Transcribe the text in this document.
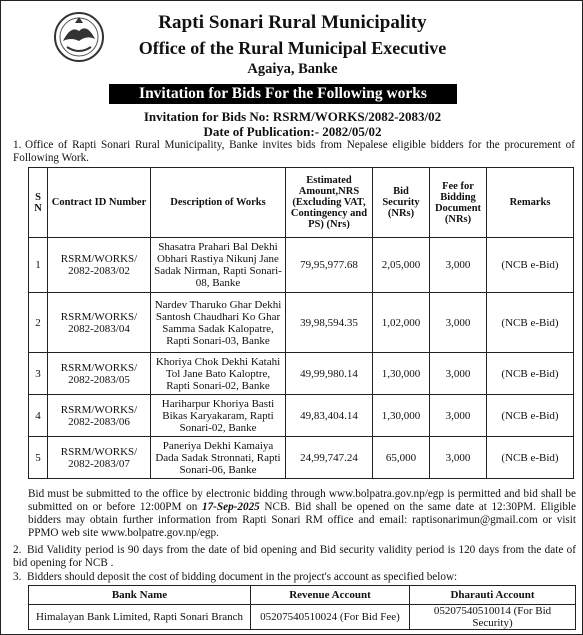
Rapti Sonari Rural Municipality
Office of the Rural Municipal Executive
Agaiya, Banke
Invitation for Bids For the Following works
Invitation for Bids No: RSRM/WORKS/2082-2083/02
Date of Publication:- 2082/05/02
1. Office of Rapti Sonari Rural Municipality, Banke invites bids from Nepalese eligible bidders for the procurement of Following Work.
S N	Contract ID Number	Description of Works	Estimated Amount,NRS (Excluding VAT, Contingency and PS) (Nrs)	Bid Security (NRs)	Fee for Bidding Document (NRs)	Remarks
1	RSRM/WORKS/ 2082-2083/02	Shasatra Prahari Bal Dekhi Obhari Rastiya Nikunj Jane Sadak Nirman, Rapti Sonari-08, Banke	79,95,977.68	2,05,000	3,000	(NCB e-Bid)
2	RSRM/WORKS/ 2082-2083/04	Nardev Tharuko Ghar Dekhi Santosh Chaudhari Ko Ghar Samma Sadak Kalopatre, Rapti Sonari-03, Banke	39,98,594.35	1,02,000	3,000	(NCB e-Bid)
3	RSRM/WORKS/ 2082-2083/05	Khoriya Chok Dekhi Katahi Tol Jane Bato Kaloptre, Rapti Sonari-02, Banke	49,99,980.14	1,30,000	3,000	(NCB e-Bid)
4	RSRM/WORKS/ 2082-2083/06	Hariharpur Khoriya Basti Bikas Karyakaram, Rapti Sonari-02, Banke	49,83,404.14	1,30,000	3,000	(NCB e-Bid)
5	RSRM/WORKS/ 2082-2083/07	Paneriya Dekhi Kamaiya Dada Sadak Stronnati, Rapti Sonari-06, Banke	24,99,747.24	65,000	3,000	(NCB e-Bid)
Bid must be submitted to the office by electronic bidding through www.bolpatra.gov.np/egp is permitted and bid shall be submitted on or before 12:00PM on 17-Sep-2025 NCB. Bid shall be opened on the same date at 12:30PM. Eligible bidders may obtain further information from Rapti Sonari RM office and email: raptisonarimun@gmail.com or visit PPMO web site www.bolpatre.gov.np/egp.
2. Bid Validity period is 90 days from the date of bid opening and Bid security validity period is 120 days from the date of bid opening for NCB .
3. Bidders should deposit the cost of bidding document in the project's account as specified below:
Bank Name	Revenue Account	Dharauti Account
Himalayan Bank Limited, Rapti Sonari Branch	05207540510024 (For Bid Fee)	05207540510014 (For Bid Security)
